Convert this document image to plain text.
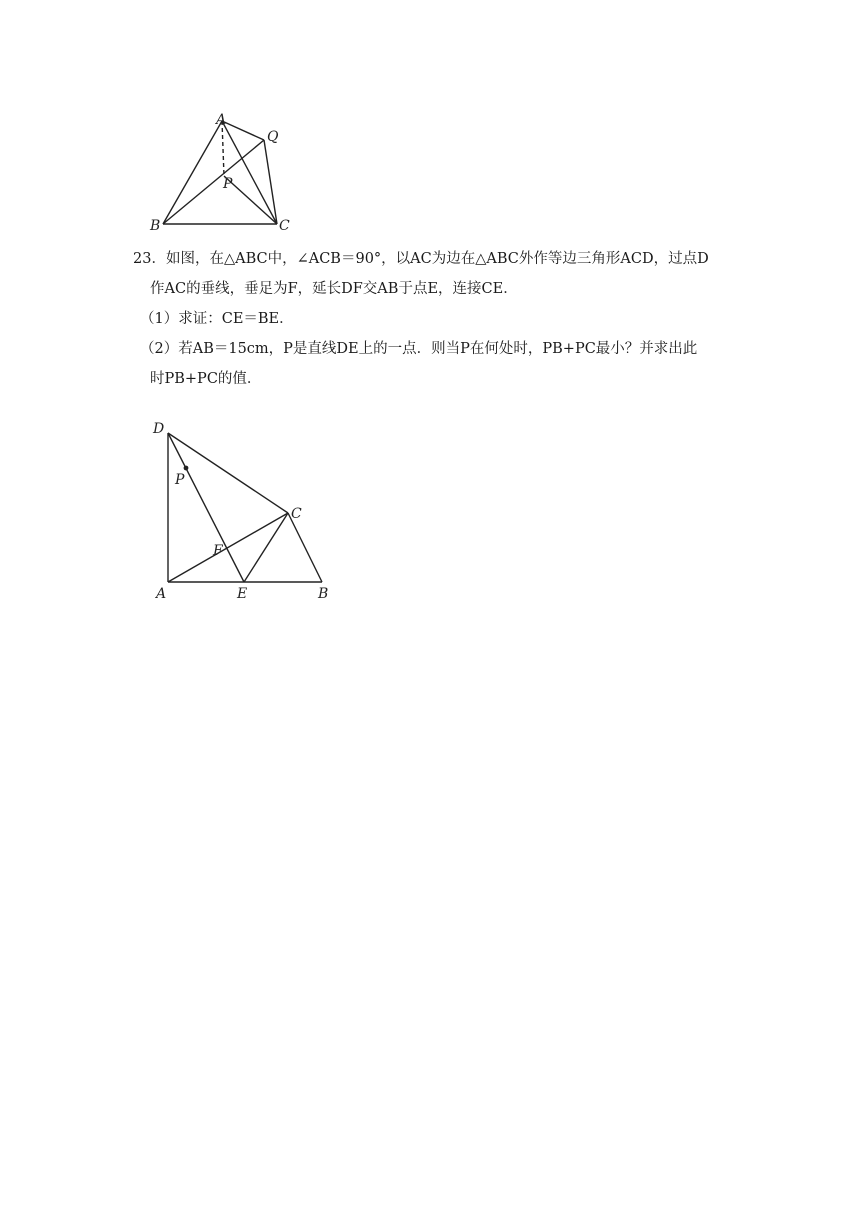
A
Q
P
B	C

23．如图，在△ABC中，∠ACB＝90°，以AC为边在△ABC外作等边三角形ACD，过点D

作AC的垂线，垂足为F，延长DF交AB于点E，连接CE．

（1）求证：CE＝BE．

（2）若AB＝15cm，P是直线DE上的一点．则当P在何处时，PB+PC最小？并求出此

时PB+PC的值．

D
P
C
F
A	E	B
